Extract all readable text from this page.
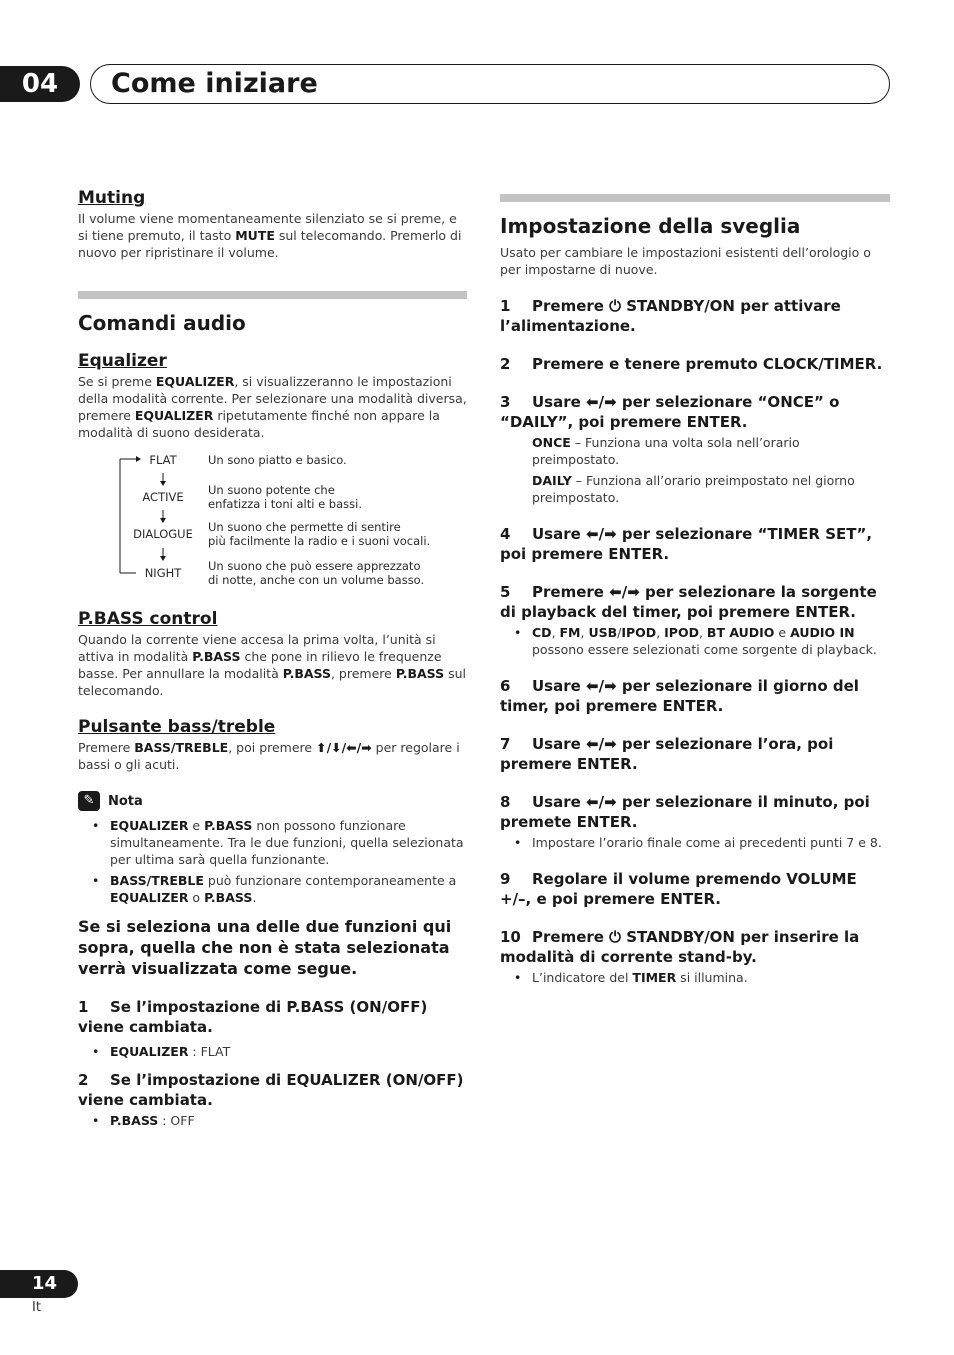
04	Come iniziare
Muting

Il volume viene momentaneamente silenziato se si preme, e si tiene premuto, il tasto MUTE sul telecomando. Premerlo di nuovo per ripristinare il volume.

Comandi audio
Equalizer

Se si preme EQUALIZER, si visualizzeranno le impostazioni della modalità corrente. Per selezionare una modalità diversa, premere EQUALIZER ripetutamente finché non appare la modalità di suono desiderata.

FLAT	Un sono piatto e basico.
ACTIVE	Un suono potente che
enfatizza i toni alti e bassi.
DIALOGUE	Un suono che permette di sentire
più facilmente la radio e i suoni vocali.
NIGHT	Un suono che può essere apprezzato
di notte, anche con un volume basso.
P.BASS control

Quando la corrente viene accesa la prima volta, l’unità si attiva in modalità P.BASS che pone in rilievo le frequenze basse. Per annullare la modalità P.BASS, premere P.BASS sul telecomando.

Pulsante bass/treble

Premere BASS/TREBLE, poi premere ⬆/⬇/⬅/➡ per regolare i bassi o gli acuti.

✎	Nota
• EQUALIZER e P.BASS non possono funzionare simultaneamente. Tra le due funzioni, quella selezionata per ultima sarà quella funzionante.
• BASS/TREBLE può funzionare contemporaneamente a EQUALIZER o P.BASS.

Se si seleziona una delle due funzioni qui sopra, quella che non è stata selezionata verrà visualizzata come segue.

1 Se l’impostazione di P.BASS (ON/OFF) viene cambiata.

• EQUALIZER : FLAT

2 Se l’impostazione di EQUALIZER (ON/OFF) viene cambiata.

• P.BASS : OFF
Impostazione della sveglia

Usato per cambiare le impostazioni esistenti dell’orologio o per impostarne di nuove.

1 Premere ⏻ STANDBY/ON per attivare l’alimentazione.

2 Premere e tenere premuto CLOCK/TIMER.

3 Usare ⬅/➡ per selezionare “ONCE” o “DAILY”, poi premere ENTER.

ONCE – Funziona una volta sola nell’orario preimpostato.

DAILY – Funziona all’orario preimpostato nel giorno preimpostato.

4 Usare ⬅/➡ per selezionare “TIMER SET”, poi premere ENTER.

5 Premere ⬅/➡ per selezionare la sorgente di playback del timer, poi premere ENTER.

• CD, FM, USB/IPOD, IPOD, BT AUDIO e AUDIO IN possono essere selezionati come sorgente di playback.

6 Usare ⬅/➡ per selezionare il giorno del timer, poi premere ENTER.

7 Usare ⬅/➡ per selezionare l’ora, poi premere ENTER.

8 Usare ⬅/➡ per selezionare il minuto, poi premete ENTER.

• Impostare l’orario finale come ai precedenti punti 7 e 8.

9 Regolare il volume premendo VOLUME +/–, e poi premere ENTER.

10 Premere ⏻ STANDBY/ON per inserire la modalità di corrente stand-by.

• L’indicatore del TIMER si illumina.
14
It
